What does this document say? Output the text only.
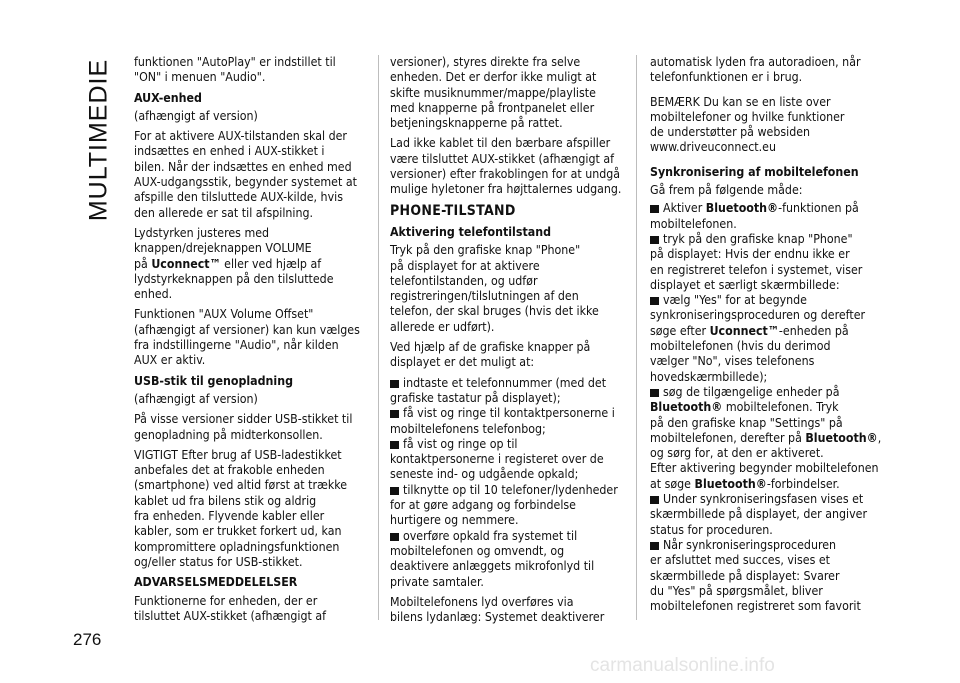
MULTIMEDIE funktionen "AutoPlay" er indstillet til
"ON" i menuen "Audio".

AUX-enhed

(afhængigt af version)

For at aktivere AUX-tilstanden skal der
indsættes en enhed i AUX-stikket i
bilen. Når der indsættes en enhed med
AUX-udgangsstik, begynder systemet at
afspille den tilsluttede AUX-kilde, hvis
den allerede er sat til afspilning.

Lydstyrken justeres med
knappen/drejeknappen VOLUME
på Uconnect™ eller ved hjælp af
lydstyrkeknappen på den tilsluttede
enhed.

Funktionen "AUX Volume Offset"
(afhængigt af versioner) kan kun vælges
fra indstillingerne "Audio", når kilden
AUX er aktiv.

USB-stik til genopladning

(afhængigt af version)

På visse versioner sidder USB-stikket til
genopladning på midterkonsollen.

VIGTIGT Efter brug af USB-ladestikket
anbefales det at frakoble enheden
(smartphone) ved altid først at trække
kablet ud fra bilens stik og aldrig
fra enheden. Flyvende kabler eller
kabler, som er trukket forkert ud, kan
kompromittere opladningsfunktionen
og/eller status for USB-stikket.

ADVARSELSMEDDELELSER

Funktionerne for enheden, der er
tilsluttet AUX-stikket (afhængigt af

versioner), styres direkte fra selve
enheden. Det er derfor ikke muligt at
skifte musiknummer/mappe/playliste
med knapperne på frontpanelet eller
betjeningsknapperne på rattet.

Lad ikke kablet til den bærbare afspiller
være tilsluttet AUX-stikket (afhængigt af
versioner) efter frakoblingen for at undgå
mulige hyletoner fra højttalernes udgang.

PHONE-TILSTAND

Aktivering telefontilstand

Tryk på den grafiske knap "Phone"
på displayet for at aktivere
telefontilstanden, og udfør
registreringen/tilslutningen af den
telefon, der skal bruges (hvis det ikke
allerede er udført).

Ved hjælp af de grafiske knapper på
displayet er det muligt at:

indtaste et telefonnummer (med det
grafiske tastatur på displayet);

få vist og ringe til kontaktpersonerne i
mobiltelefonens telefonbog;

få vist og ringe op til
kontaktpersonerne i registeret over de
seneste ind- og udgående opkald;

tilknytte op til 10 telefoner/lydenheder
for at gøre adgang og forbindelse
hurtigere og nemmere.

overføre opkald fra systemet til
mobiltelefonen og omvendt, og
deaktivere anlæggets mikrofonlyd til
private samtaler.

Mobiltelefonens lyd overføres via
bilens lydanlæg: Systemet deaktiverer

automatisk lyden fra autoradioen, når
telefonfunktionen er i brug.

BEMÆRK Du kan se en liste over
mobiltelefoner og hvilke funktioner
de understøtter på websiden
www.driveuconnect.eu

Synkronisering af mobiltelefonen

Gå frem på følgende måde:

Aktiver Bluetooth®-funktionen på
mobiltelefonen.

tryk på den grafiske knap "Phone"
på displayet: Hvis der endnu ikke er
en registreret telefon i systemet, viser
displayet et særligt skærmbillede:

vælg "Yes" for at begynde
synkroniseringsproceduren og derefter
søge efter Uconnect™-enheden på
mobiltelefonen (hvis du derimod
vælger "No", vises telefonens
hovedskærmbillede);

søg de tilgængelige enheder på
Bluetooth® mobiltelefonen. Tryk
på den grafiske knap "Settings" på
mobiltelefonen, derefter på Bluetooth®,
og sørg for, at den er aktiveret.
Efter aktivering begynder mobiltelefonen
at søge Bluetooth®-forbindelser.

Under synkroniseringsfasen vises et
skærmbillede på displayet, der angiver
status for proceduren.

Når synkroniseringsproceduren
er afsluttet med succes, vises et
skærmbillede på displayet: Svarer
du "Yes" på spørgsmålet, bliver
mobiltelefonen registreret som favorit

276
carmanualsonline.info
